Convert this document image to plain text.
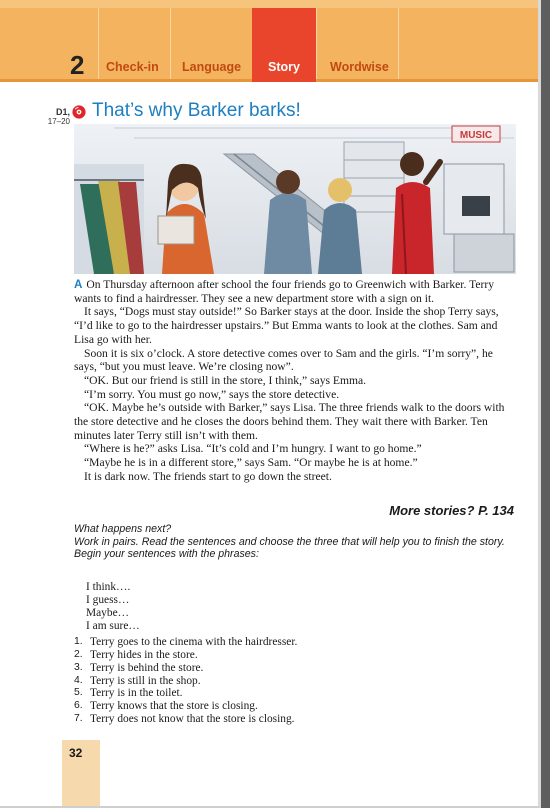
2 Check-in Language	Story	Wordwise
D1,
17–20
That’s why Barker barks!
MUSIC

A On Thursday afternoon after school the four friends go to Greenwich with Barker. Terry wants to find a hairdresser. They see a new department store with a sign on it.

It says, “Dogs must stay outside!” So Barker stays at the door. Inside the shop Terry says, “I’d like to go to the hairdresser upstairs.” But Emma wants to look at the clothes. Sam and Lisa go with her.

Soon it is six o’clock. A store detective comes over to Sam and the girls. “I’m sorry”, he says, “but you must leave. We’re closing now”.

“OK. But our friend is still in the store, I think,” says Emma.

“I’m sorry. You must go now,” says the store detective.

“OK. Maybe he’s outside with Barker,” says Lisa. The three friends walk to the doors with the store detective and he closes the doors behind them. They wait there with Barker. Ten minutes later Terry still isn’t with them.

“Where is he?” asks Lisa. “It’s cold and I’m hungry. I want to go home.”

“Maybe he is in a different store,” says Sam. “Or maybe he is at home.”

It is dark now. The friends start to go down the street.

More stories? P. 134

What happens next?

Work in pairs. Read the sentences and choose the three that will help you to finish the story.

Begin your sentences with the phrases:

I think….
I guess…
Maybe…
I am sure…
1. Terry goes to the cinema with the hairdresser.
2. Terry hides in the store.
3. Terry is behind the store.
4. Terry is still in the shop.
5. Terry is in the toilet.
6. Terry knows that the store is closing.
7. Terry does not know that the store is closing.
32
